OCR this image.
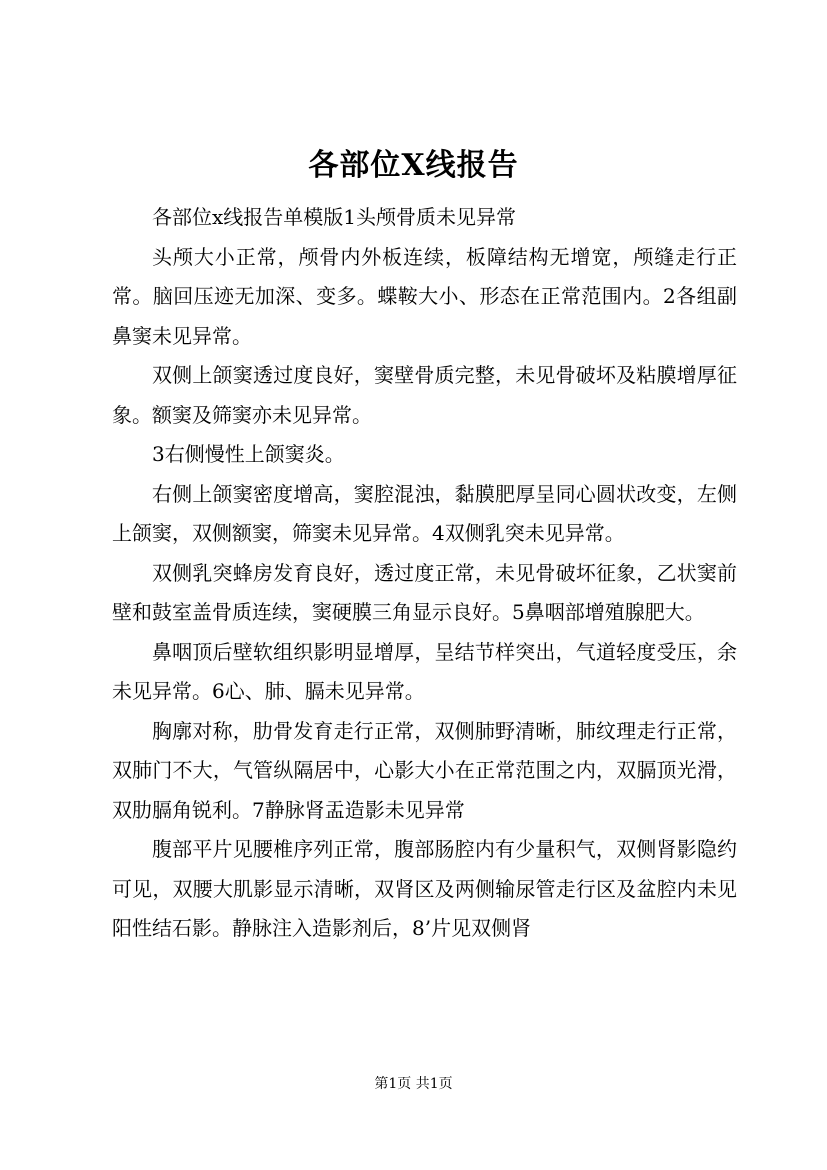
各部位X线报告

各部位x线报告单模版1头颅骨质未见异常

头颅大小正常，颅骨内外板连续，板障结构无增宽，颅缝走行正常。脑回压迹无加深、变多。蝶鞍大小、形态在正常范围内。2各组副鼻窦未见异常。

双侧上颌窦透过度良好，窦壁骨质完整，未见骨破坏及粘膜增厚征象。额窦及筛窦亦未见异常。

3右侧慢性上颌窦炎。

右侧上颌窦密度增高，窦腔混浊，黏膜肥厚呈同心圆状改变，左侧上颌窦，双侧额窦，筛窦未见异常。4双侧乳突未见异常。

双侧乳突蜂房发育良好，透过度正常，未见骨破坏征象，乙状窦前壁和鼓室盖骨质连续，窦硬膜三角显示良好。5鼻咽部增殖腺肥大。

鼻咽顶后壁软组织影明显增厚，呈结节样突出，气道轻度受压，余未见异常。6心、肺、膈未见异常。

胸廓对称，肋骨发育走行正常，双侧肺野清晰，肺纹理走行正常，双肺门不大，气管纵隔居中，心影大小在正常范围之内，双膈顶光滑，双肋膈角锐利。7静脉肾盂造影未见异常

腹部平片见腰椎序列正常，腹部肠腔内有少量积气，双侧肾影隐约可见，双腰大肌影显示清晰，双肾区及两侧输尿管走行区及盆腔内未见阳性结石影。静脉注入造影剂后，8’片见双侧肾

第1页 共1页
